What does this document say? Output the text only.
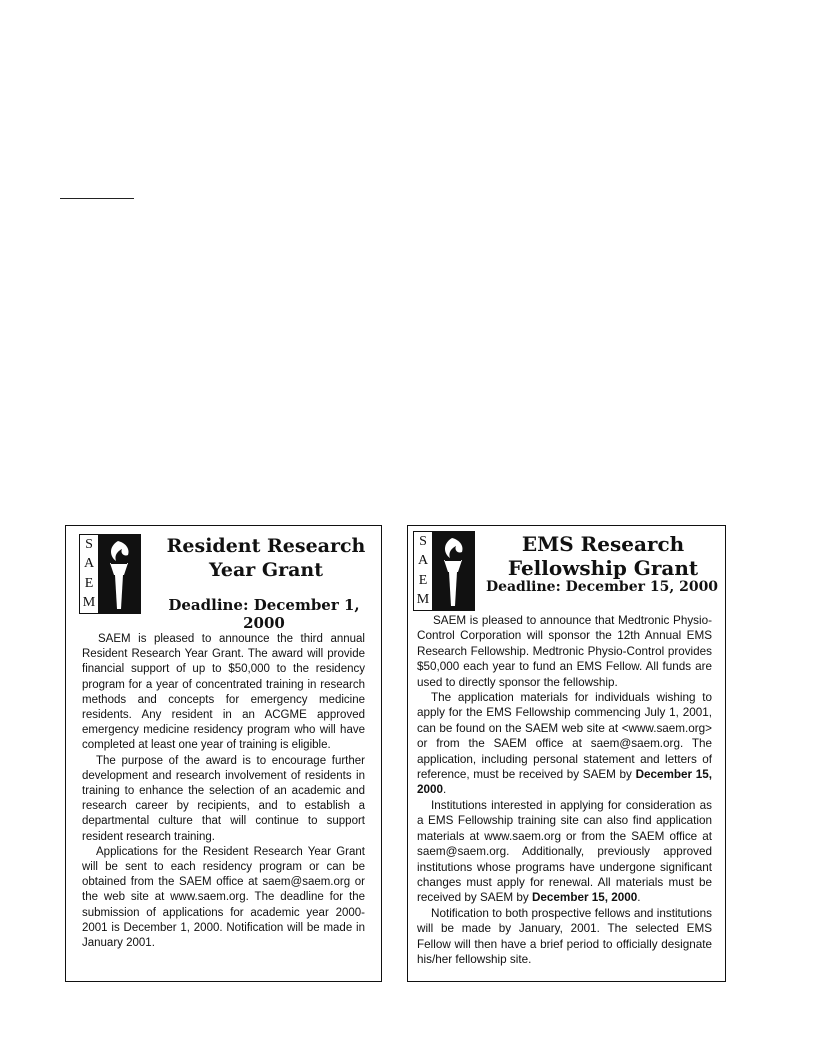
S
A
E
M
Resident Research
Year Grant
Deadline: December 1, 2000

SAEM is pleased to announce the third annual Resident Research Year Grant. The award will provide financial support of up to $50,000 to the residency program for a year of concentrated training in research methods and concepts for emergency medicine residents. Any resident in an ACGME approved emergency medicine residency program who will have completed at least one year of training is eligible.

The purpose of the award is to encourage further development and research involvement of residents in training to enhance the selection of an academic and research career by recipients, and to establish a departmental culture that will continue to support resident research training.

Applications for the Resident Research Year Grant will be sent to each residency program or can be obtained from the SAEM office at saem@saem.org or the web site at www.saem.org. The deadline for the submission of applications for academic year 2000-2001 is December 1, 2000. Notification will be made in January 2001.

S
A
E
M
EMS Research
Fellowship Grant
Deadline: December 15, 2000

SAEM is pleased to announce that Medtronic Physio-Control Corporation will sponsor the 12th Annual EMS Research Fellowship. Medtronic Physio-Control provides $50,000 each year to fund an EMS Fellow. All funds are used to directly sponsor the fellowship.

The application materials for individuals wishing to apply for the EMS Fellowship commencing July 1, 2001, can be found on the SAEM web site at <www.saem.org> or from the SAEM office at saem@saem.org. The application, including personal statement and letters of reference, must be received by SAEM by December 15, 2000.

Institutions interested in applying for consideration as a EMS Fellowship training site can also find application materials at www.saem.org or from the SAEM office at saem@saem.org. Additionally, previously approved institutions whose programs have undergone significant changes must apply for renewal. All materials must be received by SAEM by December 15, 2000.

Notification to both prospective fellows and institutions will be made by January, 2001. The selected EMS Fellow will then have a brief period to officially designate his/her fellowship site.
